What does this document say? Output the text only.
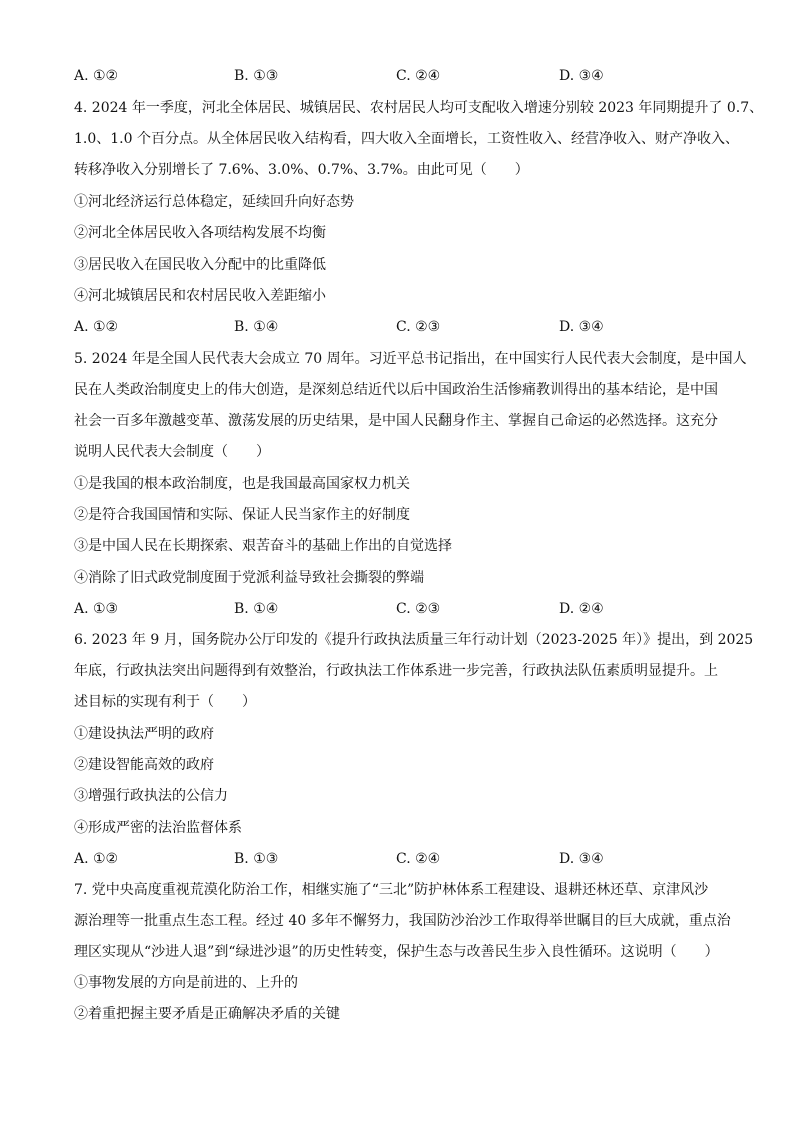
A. ①②	B. ①③	C. ②④	D. ③④
4. 2024 年一季度，河北全体居民、城镇居民、农村居民人均可支配收入增速分别较 2023 年同期提升了 0.7、
1.0、1.0 个百分点。从全体居民收入结构看，四大收入全面增长，工资性收入、经营净收入、财产净收入、
转移净收入分别增长了 7.6%、3.0%、0.7%、3.7%。由此可见（　　）
①河北经济运行总体稳定，延续回升向好态势
②河北全体居民收入各项结构发展不均衡
③居民收入在国民收入分配中的比重降低
④河北城镇居民和农村居民收入差距缩小
A. ①②	B. ①④	C. ②③	D. ③④
5. 2024 年是全国人民代表大会成立 70 周年。习近平总书记指出，在中国实行人民代表大会制度，是中国人
民在人类政治制度史上的伟大创造，是深刻总结近代以后中国政治生活惨痛教训得出的基本结论，是中国
社会一百多年激越变革、激荡发展的历史结果，是中国人民翻身作主、掌握自己命运的必然选择。这充分
说明人民代表大会制度（　　）
①是我国的根本政治制度，也是我国最高国家权力机关
②是符合我国国情和实际、保证人民当家作主的好制度
③是中国人民在长期探索、艰苦奋斗的基础上作出的自觉选择
④消除了旧式政党制度囿于党派利益导致社会撕裂的弊端
A. ①③	B. ①④	C. ②③	D. ②④
6. 2023 年 9 月，国务院办公厅印发的《提升行政执法质量三年行动计划（2023-2025 年）》提出，到 2025
年底，行政执法突出问题得到有效整治，行政执法工作体系进一步完善，行政执法队伍素质明显提升。上
述目标的实现有利于（　　）
①建设执法严明的政府
②建设智能高效的政府
③增强行政执法的公信力
④形成严密的法治监督体系
A. ①②	B. ①③	C. ②④	D. ③④
7. 党中央高度重视荒漠化防治工作，相继实施了“三北”防护林体系工程建设、退耕还林还草、京津风沙
源治理等一批重点生态工程。经过 40 多年不懈努力，我国防沙治沙工作取得举世瞩目的巨大成就，重点治
理区实现从“沙进人退”到“绿进沙退”的历史性转变，保护生态与改善民生步入良性循环。这说明（　　）
①事物发展的方向是前进的、上升的
②着重把握主要矛盾是正确解决矛盾的关键
